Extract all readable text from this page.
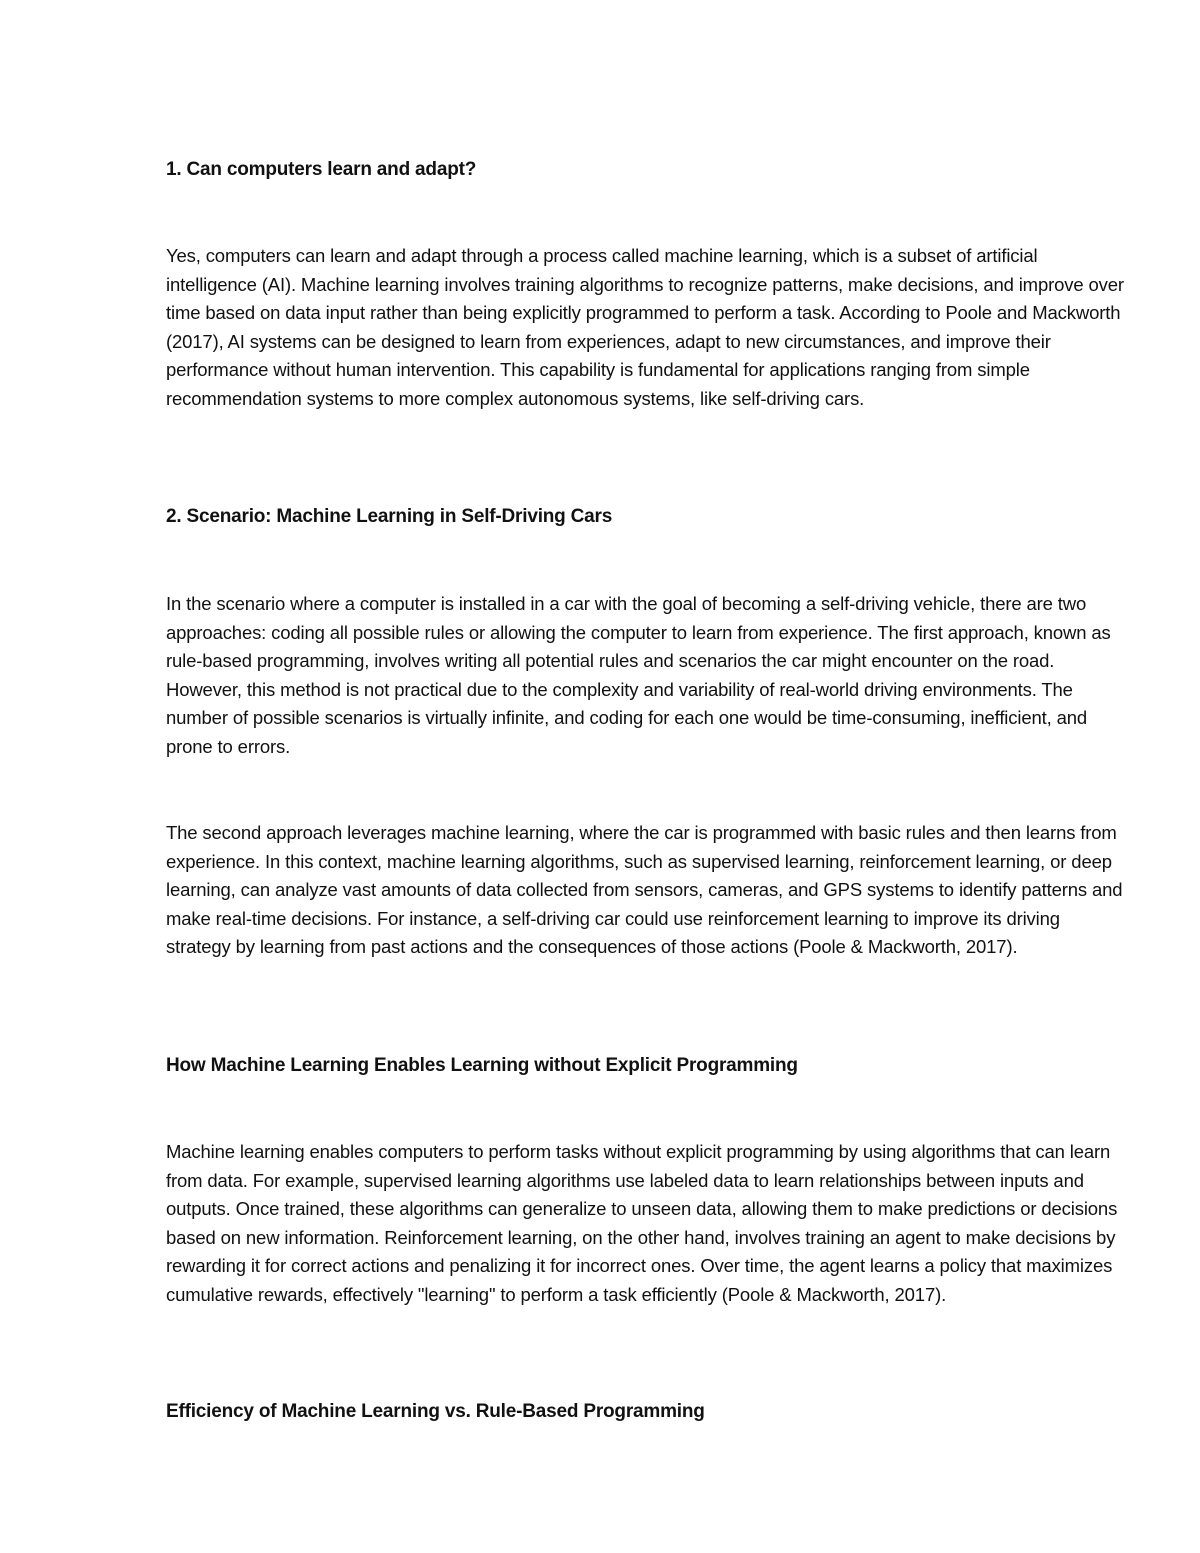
1. Can computers learn and adapt?

Yes, computers can learn and adapt through a process called machine learning, which is a subset of artificial intelligence (AI). Machine learning involves training algorithms to recognize patterns, make decisions, and improve over time based on data input rather than being explicitly programmed to perform a task. According to Poole and Mackworth (2017), AI systems can be designed to learn from experiences, adapt to new circumstances, and improve their performance without human intervention. This capability is fundamental for applications ranging from simple recommendation systems to more complex autonomous systems, like self-driving cars.

2. Scenario: Machine Learning in Self-Driving Cars

In the scenario where a computer is installed in a car with the goal of becoming a self-driving vehicle, there are two approaches: coding all possible rules or allowing the computer to learn from experience. The first approach, known as rule-based programming, involves writing all potential rules and scenarios the car might encounter on the road. However, this method is not practical due to the complexity and variability of real-world driving environments. The number of possible scenarios is virtually infinite, and coding for each one would be time-consuming, inefficient, and prone to errors.

The second approach leverages machine learning, where the car is programmed with basic rules and then learns from experience. In this context, machine learning algorithms, such as supervised learning, reinforcement learning, or deep learning, can analyze vast amounts of data collected from sensors, cameras, and GPS systems to identify patterns and make real-time decisions. For instance, a self-driving car could use reinforcement learning to improve its driving strategy by learning from past actions and the consequences of those actions (Poole & Mackworth, 2017).

How Machine Learning Enables Learning without Explicit Programming

Machine learning enables computers to perform tasks without explicit programming by using algorithms that can learn from data. For example, supervised learning algorithms use labeled data to learn relationships between inputs and outputs. Once trained, these algorithms can generalize to unseen data, allowing them to make predictions or decisions based on new information. Reinforcement learning, on the other hand, involves training an agent to make decisions by rewarding it for correct actions and penalizing it for incorrect ones. Over time, the agent learns a policy that maximizes cumulative rewards, effectively "learning" to perform a task efficiently (Poole & Mackworth, 2017).

Efficiency of Machine Learning vs. Rule-Based Programming
